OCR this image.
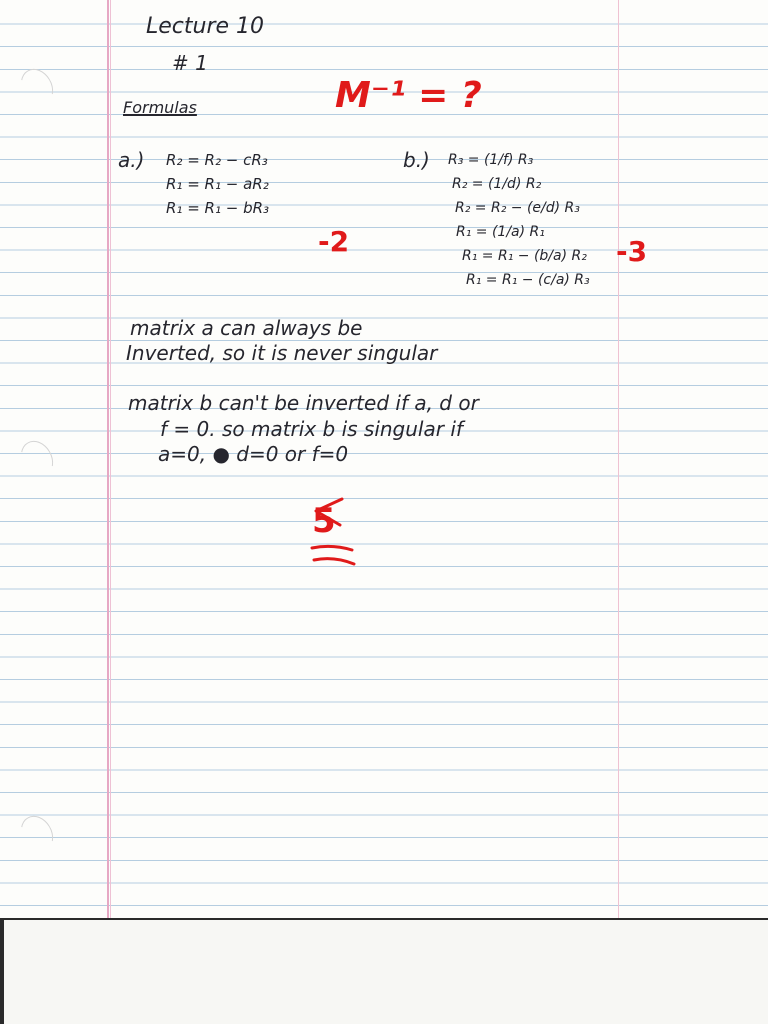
Lecture 10

# 1

Formulas	M⁻¹ = ?

a.) R₂ = R₂ − cR₃

R₁ = R₁ − aR₂

R₁ = R₁ − bR₃

-2

b.) R₃ = (1/f) R₃

R₂ = (1/d) R₂

R₂ = R₂ − (e/d) R₃

R₁ = (1/a) R₁

R₁ = R₁ − (b/a) R₂

R₁ = R₁ − (c/a) R₃

-3

matrix a can always be

Inverted, so it is never singular

matrix b can't be inverted if a, d or

f = 0. so matrix b is singular if

a=0, ● d=0 or f=0

5
